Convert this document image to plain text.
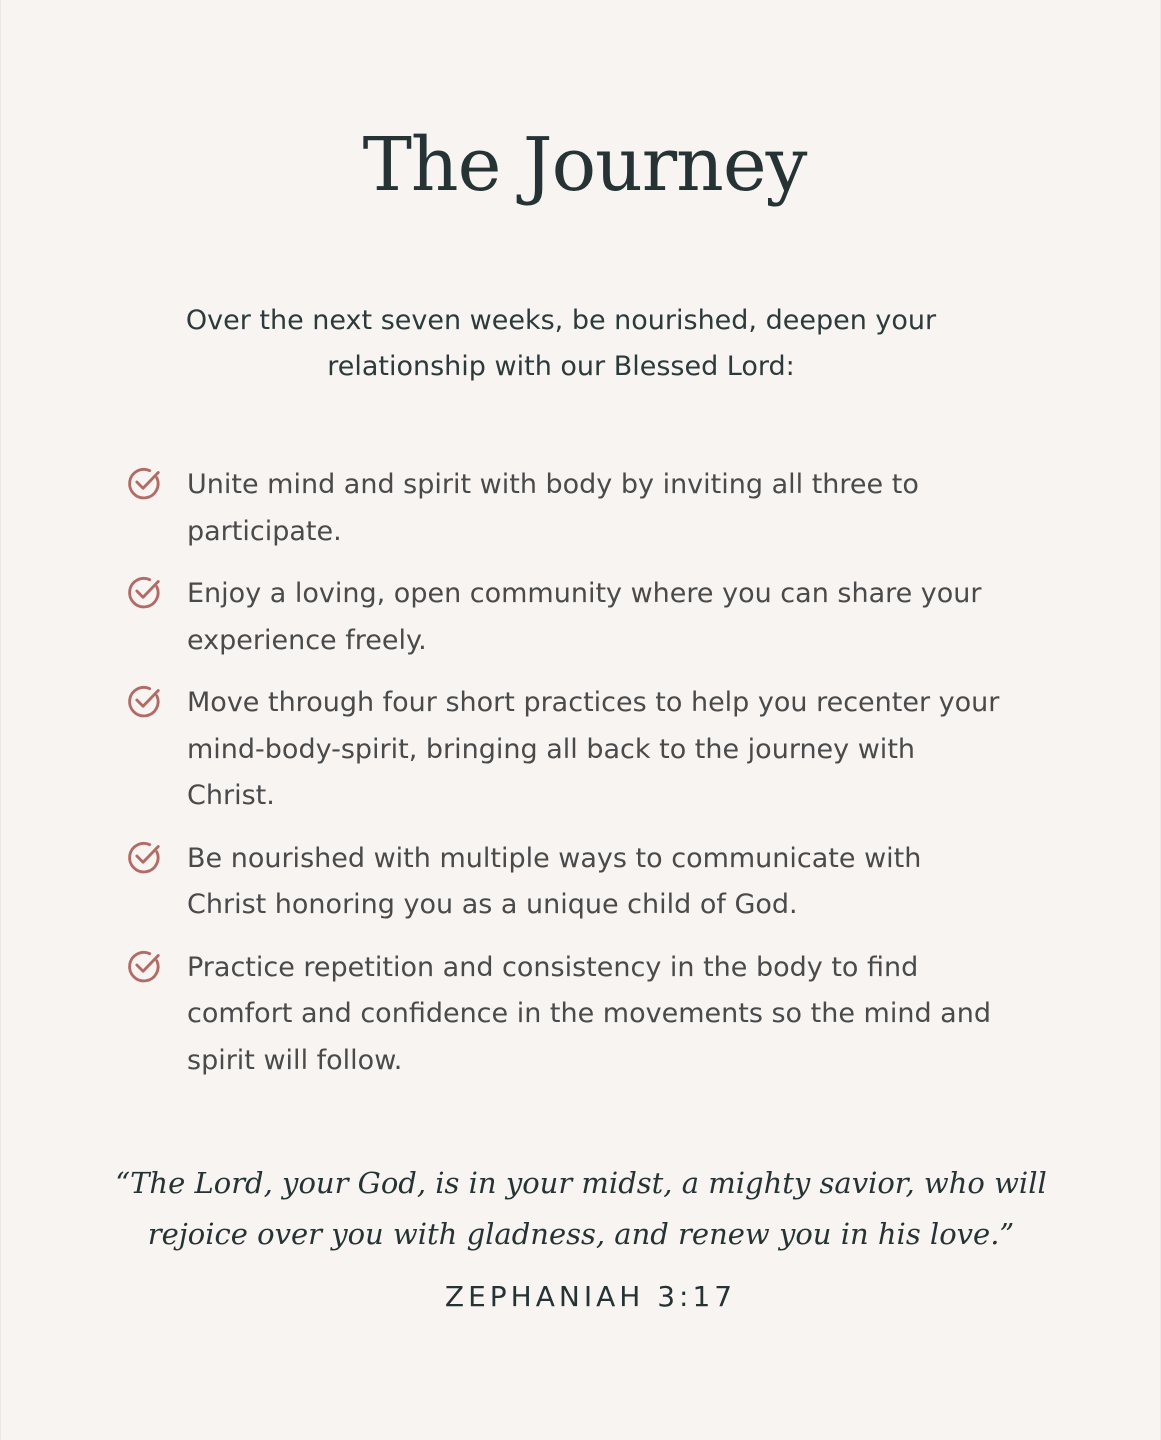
The Journey

Over the next seven weeks, be nourished, deepen your relationship with our Blessed Lord:

Unite mind and spirit with body by inviting all three to participate.
Enjoy a loving, open community where you can share your experience freely.
Move through four short practices to help you recenter your mind-body-spirit, bringing all back to the journey with Christ.
Be nourished with multiple ways to communicate with Christ honoring you as a unique child of God.
Practice repetition and consistency in the body to find comfort and confidence in the movements so the mind and spirit will follow.

“The Lord, your God, is in your midst, a mighty savior, who will rejoice over you with gladness, and renew you in his love.”

ZEPHANIAH 3:17
